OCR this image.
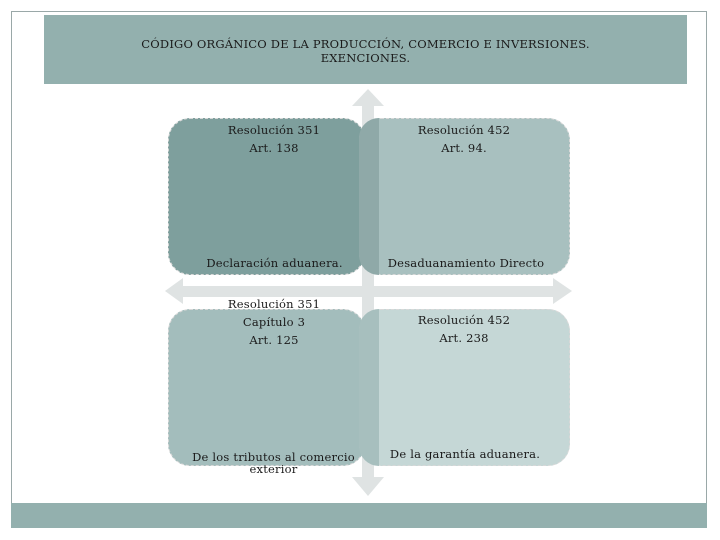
CÓDIGO ORGÁNICO DE LA PRODUCCIÓN, COMERCIO E INVERSIONES.
EXENCIONES.
Resolución 351
Art. 138
Declaración aduanera.
Resolución 452
Art. 94.
Desaduanamiento Directo
Resolución 351
Capítulo 3
Art. 125
De los tributos al comercio
exterior
Resolución 452
Art. 238
De la garantía aduanera.
